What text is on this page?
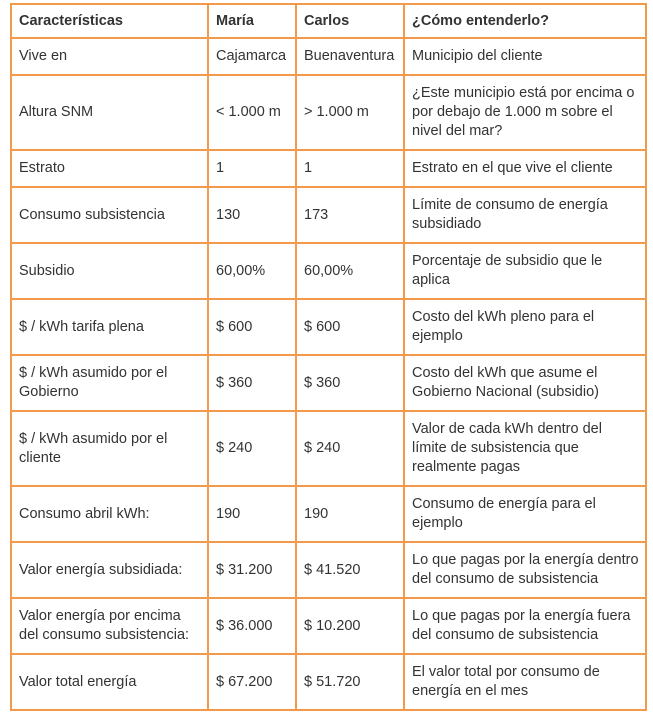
Características	María	Carlos	¿Cómo entenderlo?
Vive en	Cajamarca	Buenaventura	Municipio del cliente
Altura SNM	< 1.000 m	> 1.000 m	¿Este municipio está por encima o por debajo de 1.000 m sobre el nivel del mar?
Estrato	1	1	Estrato en el que vive el cliente
Consumo subsistencia	130	173	Límite de consumo de energía subsidiado
Subsidio	60,00%	60,00%	Porcentaje de subsidio que le aplica
$ / kWh tarifa plena	$ 600	$ 600	Costo del kWh pleno para el ejemplo
$ / kWh asumido por el Gobierno	$ 360	$ 360	Costo del kWh que asume el Gobierno Nacional (subsidio)
$ / kWh asumido por el cliente	$ 240	$ 240	Valor de cada kWh dentro del límite de subsistencia que realmente pagas
Consumo abril kWh:	190	190	Consumo de energía para el ejemplo
Valor energía subsidiada:	$ 31.200	$ 41.520	Lo que pagas por la energía dentro del consumo de subsistencia
Valor energía por encima del consumo subsistencia:	$ 36.000	$ 10.200	Lo que pagas por la energía fuera del consumo de subsistencia
Valor total energía	$ 67.200	$ 51.720	El valor total por consumo de energía en el mes
